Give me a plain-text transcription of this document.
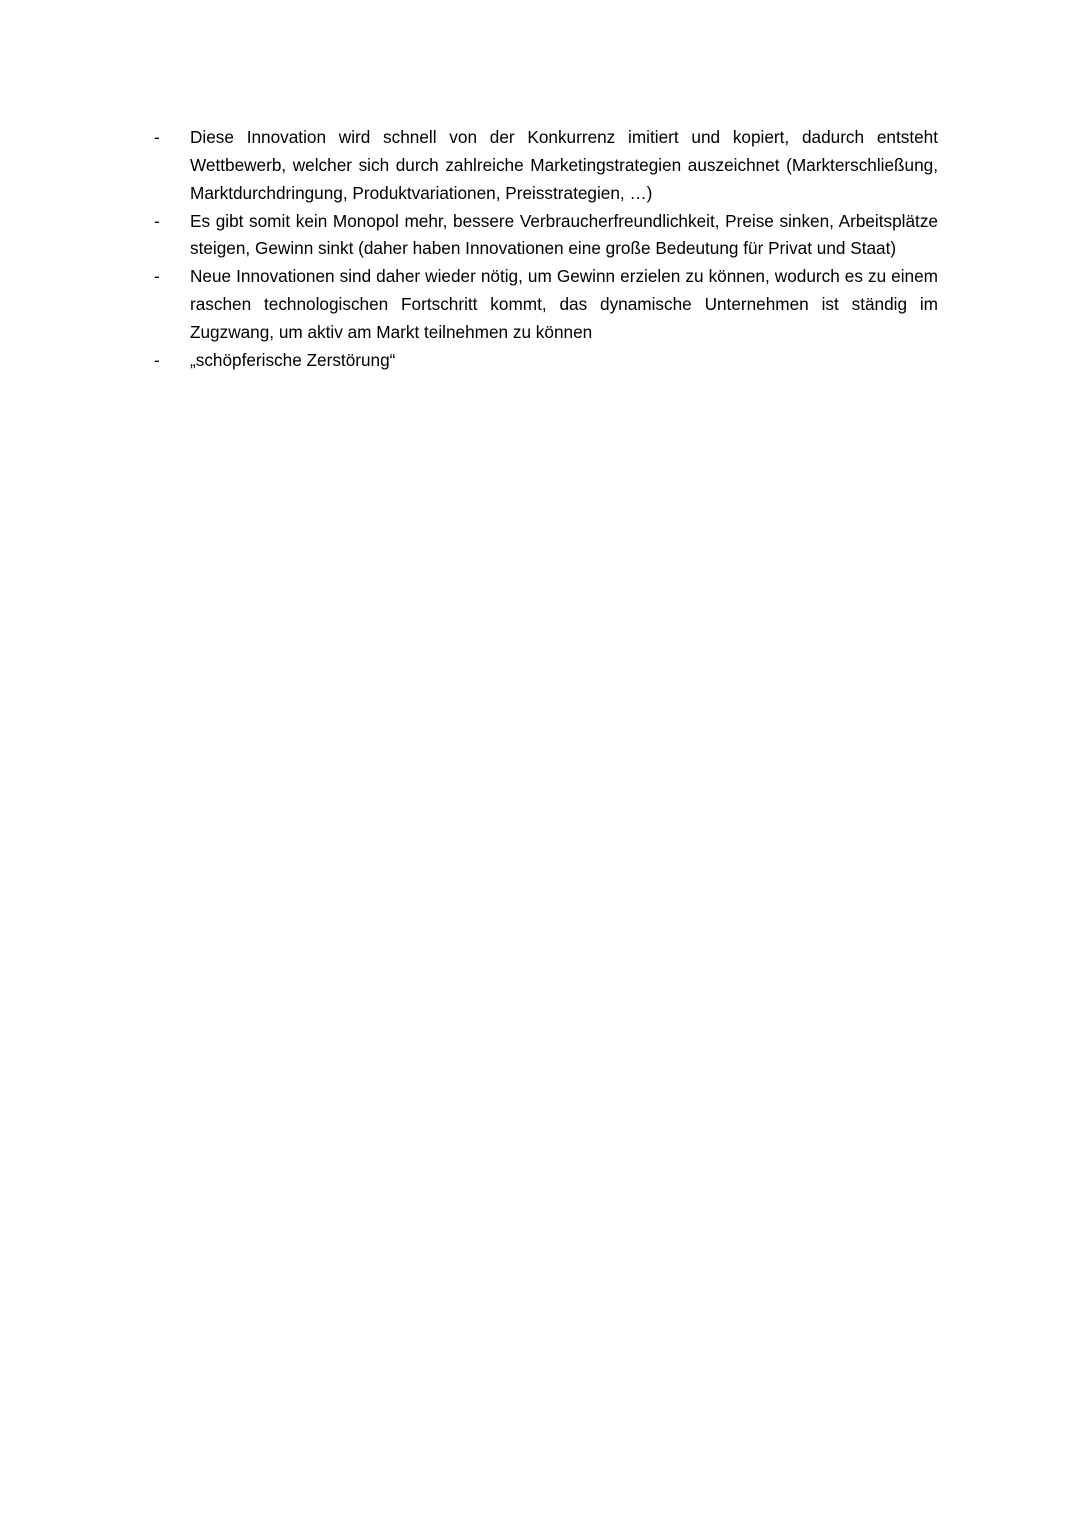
- Diese Innovation wird schnell von der Konkurrenz imitiert und kopiert, dadurch entsteht Wettbewerb, welcher sich durch zahlreiche Marketingstrategien auszeichnet (Markterschließung, Marktdurchdringung, Produktvariationen, Preisstrategien, …)
- Es gibt somit kein Monopol mehr, bessere Verbraucherfreundlichkeit, Preise sinken, Arbeitsplätze steigen, Gewinn sinkt (daher haben Innovationen eine große Bedeutung für Privat und Staat)
- Neue Innovationen sind daher wieder nötig, um Gewinn erzielen zu können, wodurch es zu einem raschen technologischen Fortschritt kommt, das dynamische Unternehmen ist ständig im Zugzwang, um aktiv am Markt teilnehmen zu können
- „schöpferische Zerstörung“
